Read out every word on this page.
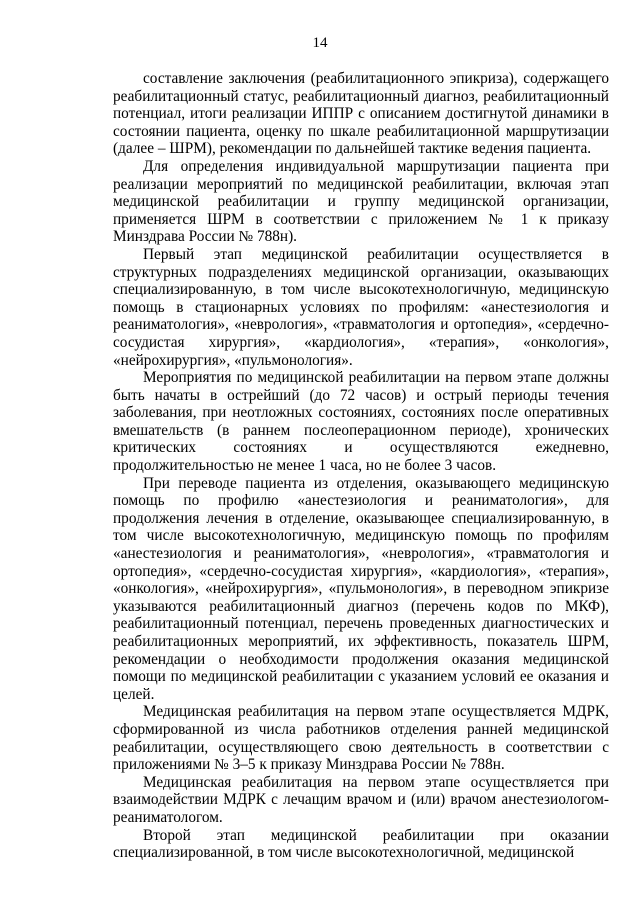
14

составление заключения (реабилитационного эпикриза), содержащего реабилитационный статус, реабилитационный диагноз, реабилитационный потенциал, итоги реализации ИППР с описанием достигнутой динамики в состоянии пациента, оценку по шкале реабилитационной маршрутизации (далее – ШРМ), рекомендации по дальнейшей тактике ведения пациента.

Для определения индивидуальной маршрутизации пациента при реализации мероприятий по медицинской реабилитации, включая этап медицинской реабилитации и группу медицинской организации, применяется ШРМ в соответствии с приложением № 1 к приказу Минздрава России № 788н).

Первый этап медицинской реабилитации осуществляется в структурных подразделениях медицинской организации, оказывающих специализированную, в том числе высокотехнологичную, медицинскую помощь в стационарных условиях по профилям: «анестезиология и реаниматология», «неврология», «травматология и ортопедия», «сердечно-сосудистая хирургия», «кардиология», «терапия», «онкология», «нейрохирургия», «пульмонология».

Мероприятия по медицинской реабилитации на первом этапе должны быть начаты в острейший (до 72 часов) и острый периоды течения заболевания, при неотложных состояниях, состояниях после оперативных вмешательств (в раннем послеоперационном периоде), хронических критических состояниях и осуществляются ежедневно, продолжительностью не менее 1 часа, но не более 3 часов.

При переводе пациента из отделения, оказывающего медицинскую помощь по профилю «анестезиология и реаниматология», для продолжения лечения в отделение, оказывающее специализированную, в том числе высокотехнологичную, медицинскую помощь по профилям «анестезиология и реаниматология», «неврология», «травматология и ортопедия», «сердечно-сосудистая хирургия», «кардиология», «терапия», «онкология», «нейрохирургия», «пульмонология», в переводном эпикризе указываются реабилитационный диагноз (перечень кодов по МКФ), реабилитационный потенциал, перечень проведенных диагностических и реабилитационных мероприятий, их эффективность, показатель ШРМ, рекомендации о необходимости продолжения оказания медицинской помощи по медицинской реабилитации с указанием условий ее оказания и целей.

Медицинская реабилитация на первом этапе осуществляется МДРК, сформированной из числа работников отделения ранней медицинской реабилитации, осуществляющего свою деятельность в соответствии с приложениями № 3–5 к приказу Минздрава России № 788н.

Медицинская реабилитация на первом этапе осуществляется при взаимодействии МДРК с лечащим врачом и (или) врачом анестезиологом-реаниматологом.

Второй этап медицинской реабилитации при оказании специализированной, в том числе высокотехнологичной, медицинской
